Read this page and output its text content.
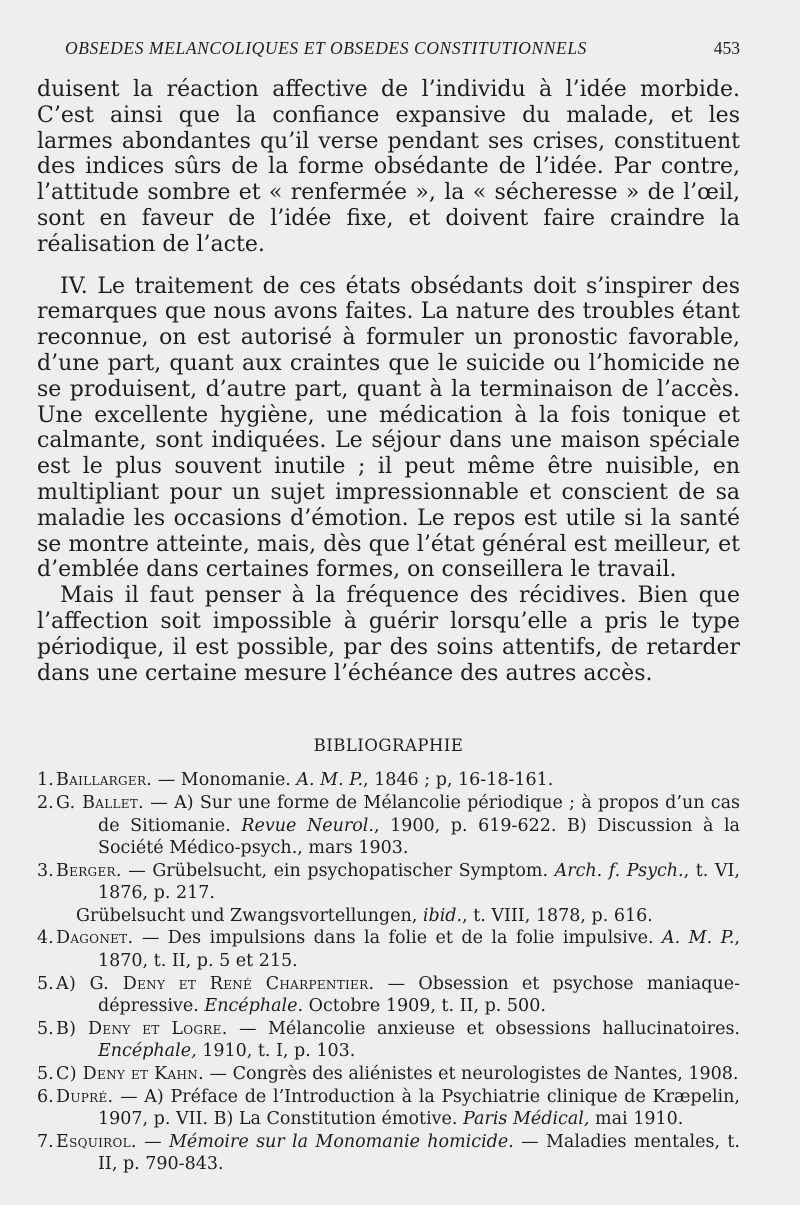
OBSEDES MELANCOLIQUES ET OBSEDES CONSTITUTIONNELS	453

duisent la réaction affective de l’individu à l’idée morbide. C’est ainsi que la confiance expansive du malade, et les larmes abondantes qu’il verse pendant ses crises, constituent des indices sûrs de la forme obsédante de l’idée. Par contre, l’attitude sombre et « renfermée », la « sécheresse » de l’œil, sont en faveur de l’idée fixe, et doivent faire craindre la réalisation de l’acte.

IV. Le traitement de ces états obsédants doit s’inspirer des remarques que nous avons faites. La nature des troubles étant reconnue, on est autorisé à formuler un pronostic favorable, d’une part, quant aux craintes que le suicide ou l’homicide ne se produisent, d’autre part, quant à la terminaison de l’accès. Une excellente hygiène, une médication à la fois tonique et calmante, sont indiquées. Le séjour dans une maison spéciale est le plus souvent inutile ; il peut même être nuisible, en multipliant pour un sujet impressionnable et conscient de sa maladie les occasions d’émotion. Le repos est utile si la santé se montre atteinte, mais, dès que l’état général est meilleur, et d’emblée dans certaines formes, on conseillera le travail.

Mais il faut penser à la fréquence des récidives. Bien que l’affection soit impossible à guérir lorsqu’elle a pris le type périodique, il est possible, par des soins attentifs, de retarder dans une certaine mesure l’échéance des autres accès.

BIBLIOGRAPHIE
1. Baillarger. — Monomanie. A. M. P., 1846 ; p, 16-18-161.
2. G. Ballet. — A) Sur une forme de Mélancolie périodique ; à propos d’un cas de Sitiomanie. Revue Neurol., 1900, p. 619-622. B) Discussion à la Société Médico-psych., mars 1903.
3. Berger. — Grübelsucht, ein psychopatischer Symptom. Arch. f. Psych., t. VI, 1876, p. 217.
Grübelsucht und Zwangsvortellungen, ibid., t. VIII, 1878, p. 616.
4. Dagonet. — Des impulsions dans la folie et de la folie impulsive. A. M. P., 1870, t. II, p. 5 et 215.
5. A) G. Deny et René Charpentier. — Obsession et psychose maniaque-dépressive. Encéphale. Octobre 1909, t. II, p. 500.
5. B) Deny et Logre. — Mélancolie anxieuse et obsessions hallucinatoires. Encéphale, 1910, t. I, p. 103.
5. C) Deny et Kahn. — Congrès des aliénistes et neurologistes de Nantes, 1908.
6. Dupré. — A) Préface de l’Introduction à la Psychiatrie clinique de Kræpelin, 1907, p. VII. B) La Constitution émotive. Paris Médical, mai 1910.
7. Esquirol. — Mémoire sur la Monomanie homicide. — Maladies mentales, t. II, p. 790-843.
